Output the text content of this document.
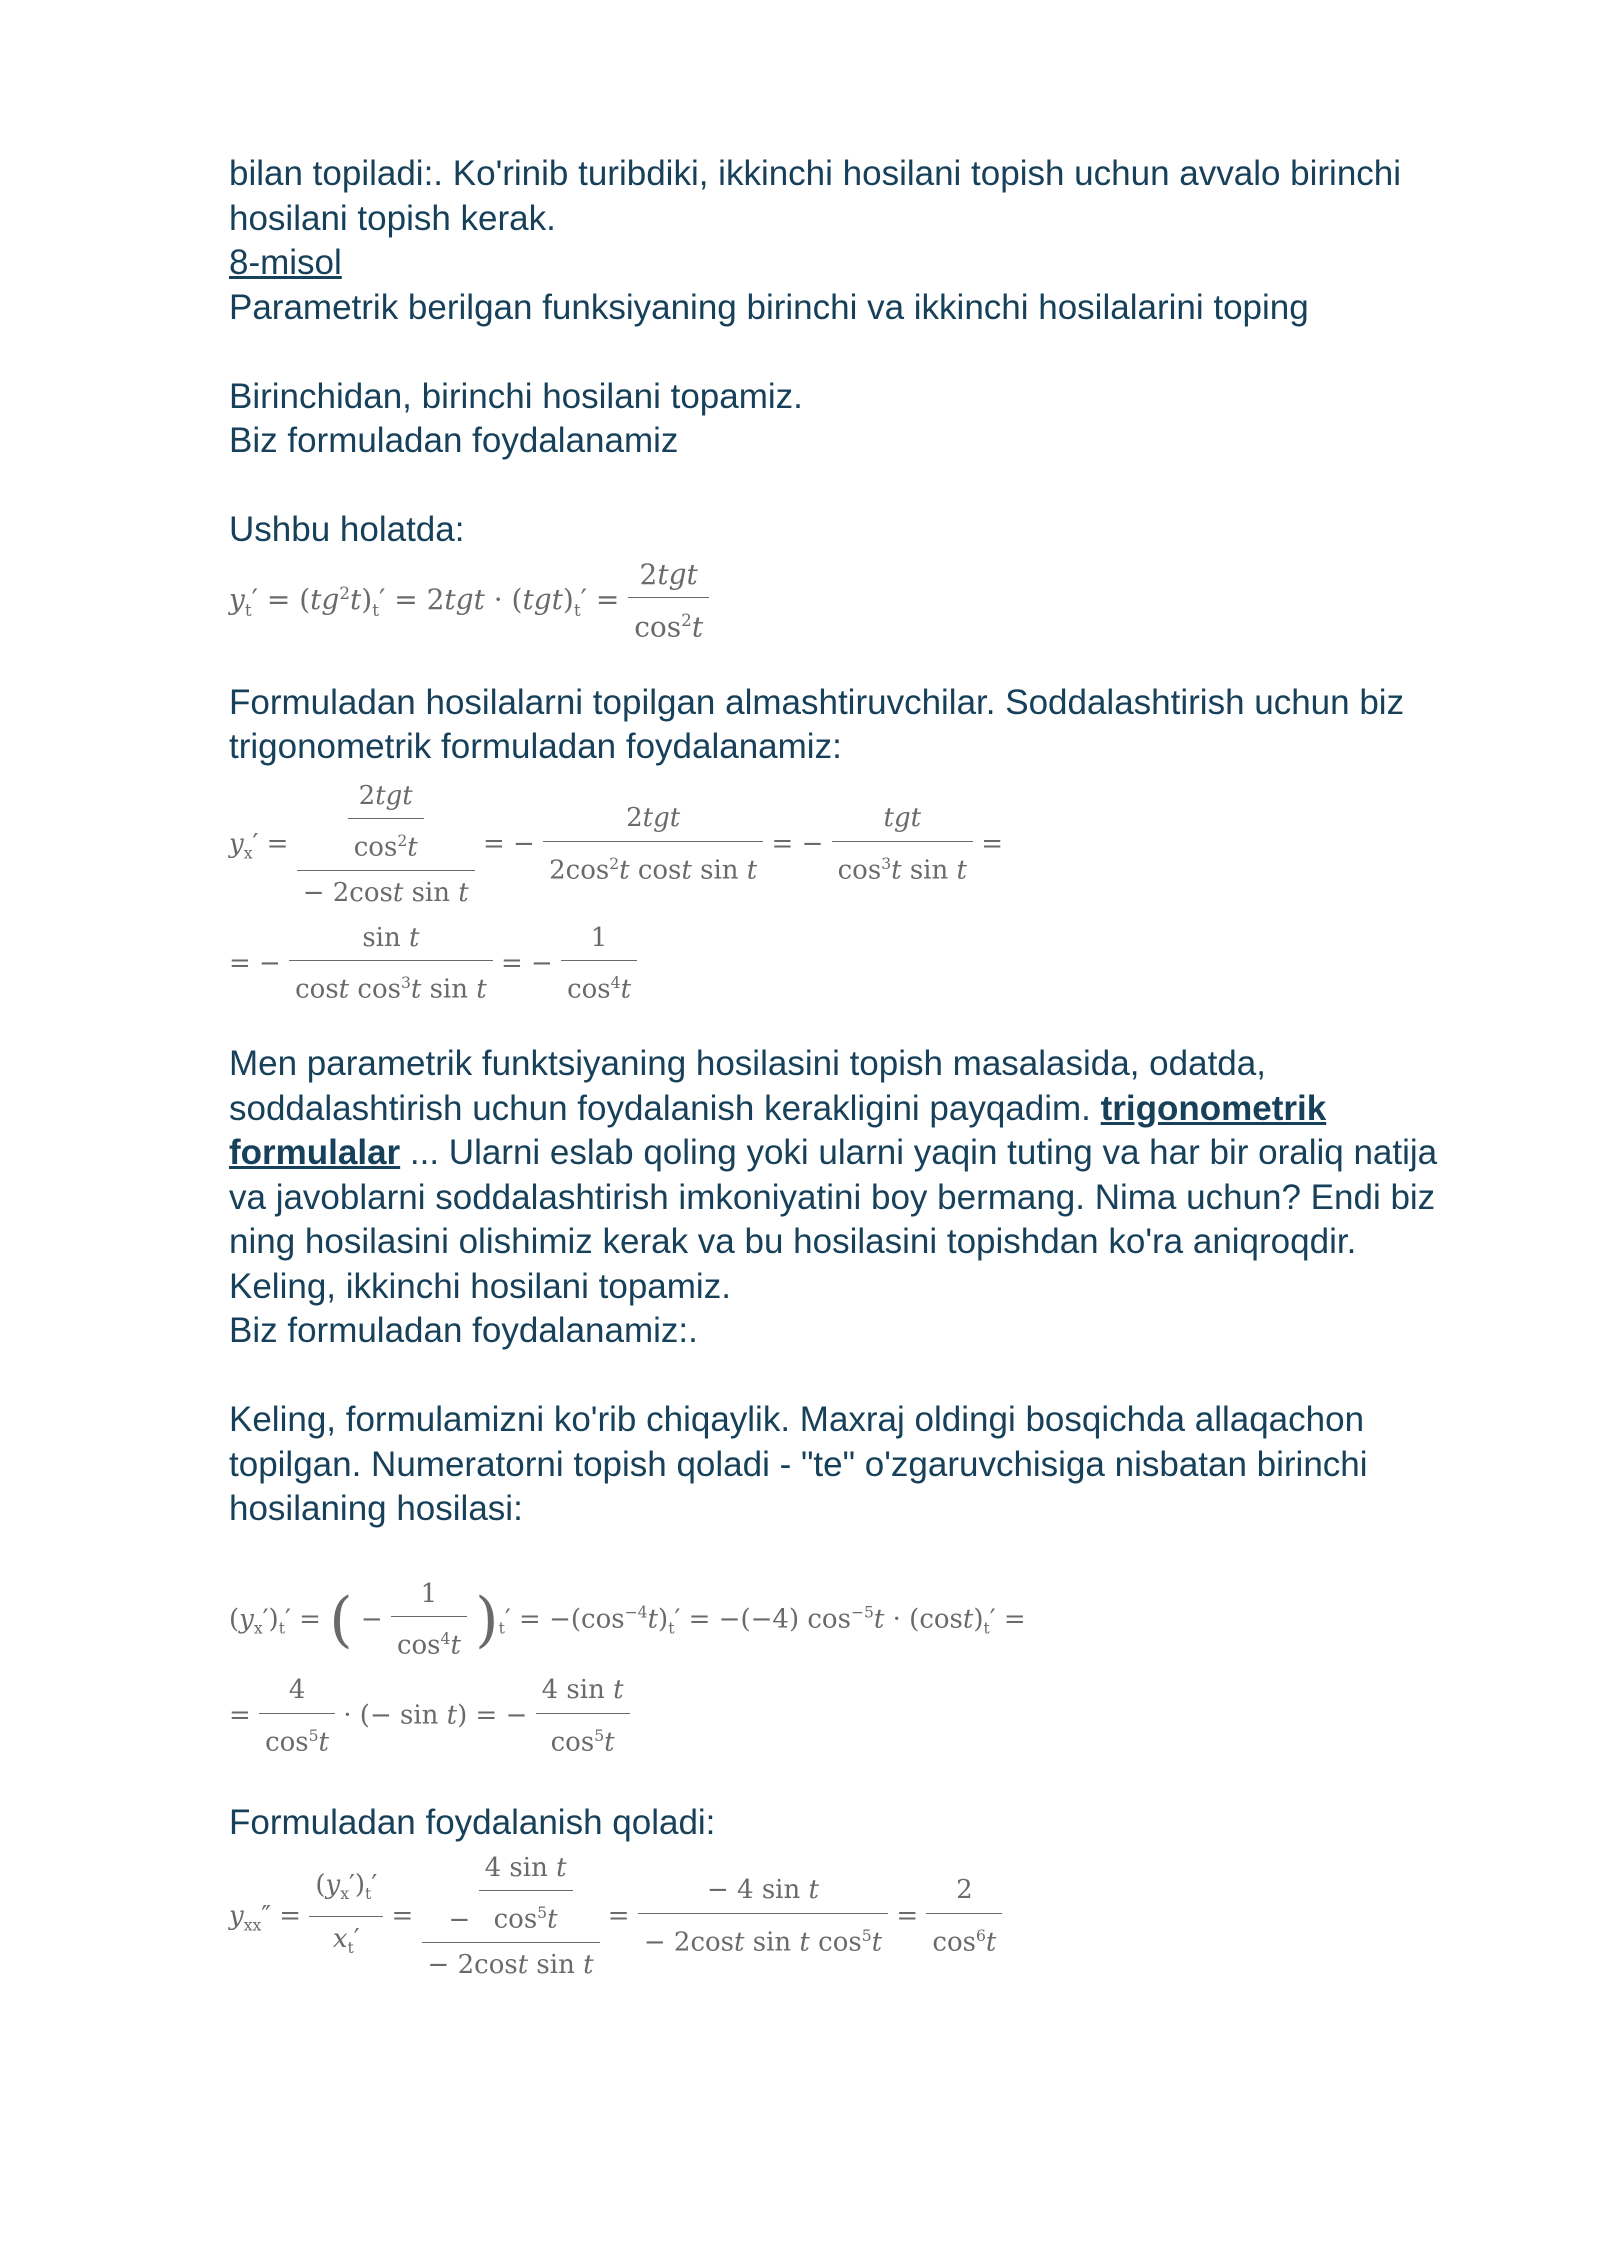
bilan topiladi:. Ko'rinib turibdiki, ikkinchi hosilani topish uchun avvalo birinchi hosilani topish kerak.

8-misol

Parametrik berilgan funksiyaning birinchi va ikkinchi hosilalarini toping

Birinchidan, birinchi hosilani topamiz.

Biz formuladan foydalanamiz

Ushbu holatda:

$y_t' = (tg^2t)_t' = 2tgt \cdot (tgt)_t' = \frac{\text{2tgt}}{\cos^2t}$

Formuladan hosilalarni topilgan almashtiruvchilar. Soddalashtirish uchun biz trigonometrik formuladan foydalanamiz:

$y_x' = \frac{\frac{\text{2tgt}}{\cos^2t}}{\text{− 2cost sin t}}$ = − $\frac{\text{2tgt}}{2\cos^2t \cos t \sin t}$ = − $\frac{\text{tgt}}{\cos^3t \sin t}$ =
= − $\frac{\text{sin t}}{\cos t \cos^3t \sin t}$ = − $\frac{1}{\cos^4t}$

Men parametrik funktsiyaning hosilasini topish masalasida, odatda, soddalashtirish uchun foydalanish kerakligini payqadim. trigonometrik formulalar ... Ularni eslab qoling yoki ularni yaqin tuting va har bir oraliq natija va javoblarni soddalashtirish imkoniyatini boy bermang. Nima uchun? Endi biz ning hosilasini olishimiz kerak va bu hosilasini topishdan ko'ra aniqroqdir.

Keling, ikkinchi hosilani topamiz.

Biz formuladan foydalanamiz:.

Keling, formulamizni ko'rib chiqaylik. Maxraj oldingi bosqichda allaqachon topilgan. Numeratorni topish qoladi - "te" o'zgaruvchisiga nisbatan birinchi hosilaning hosilasi:

$(y_x')_t'$ = ( − $\frac{1}{\cos^4t} )_t' = -(\cos^{-4}t)_t' = -(-4)$ $\cos^{-5}t \cdot (\cos t)_t'$ =
= $\frac{4}{\cos^5t}$ · (− sin t) = − $\frac{\text{4 sin t}}{\cos^5t}$

Formuladan foydalanish qoladi:

$y_{xx}'' = \frac{(y_x')_t'}{x_t'} = \frac{- \frac{\text{4 sin t}}{\cos^5t}}{\text{− 2cost sin t}} = \frac{\text{− 4 sin t}}{- 2\cos t \sin t \cos^5t} = \frac{2}{\cos^6t}$
